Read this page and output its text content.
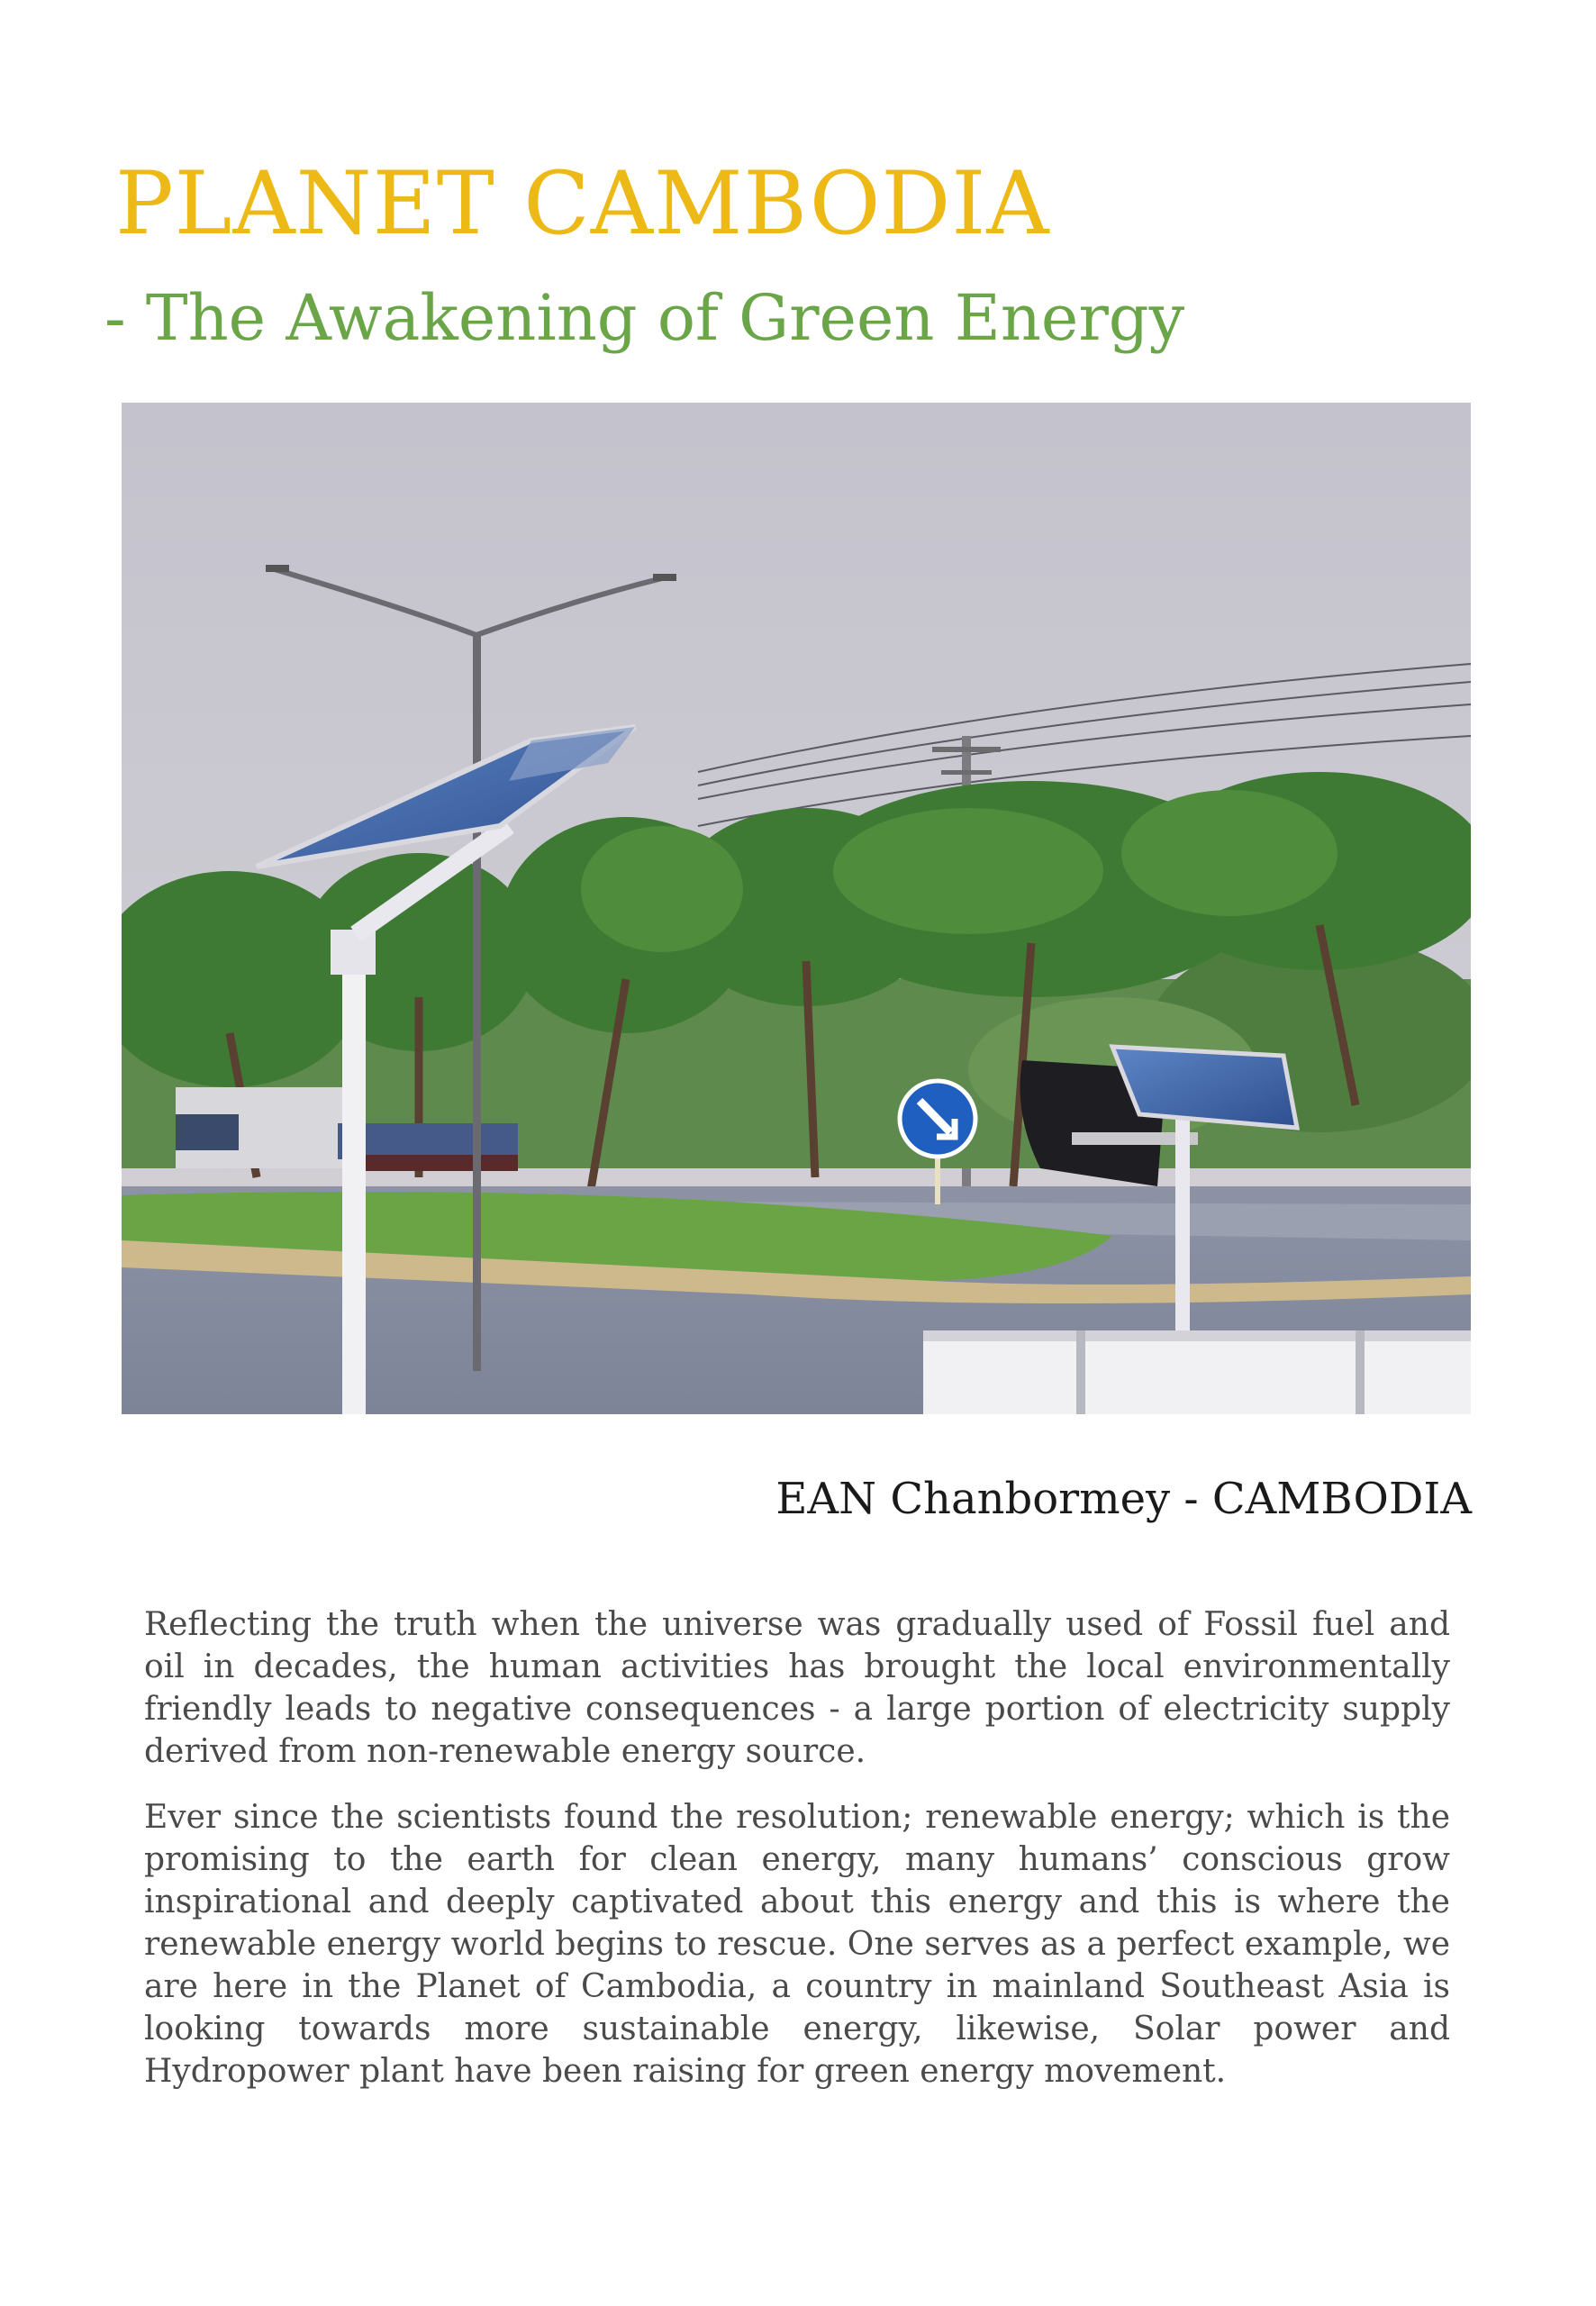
PLANET CAMBODIA
- The Awakening of Green Energy
EAN Chanbormey - CAMBODIA

Reflecting the truth when the universe was gradually used of Fossil fuel and oil in decades, the human activities has brought the local environmentally friendly leads to negative consequences - a large portion of electricity supply derived from non-renewable energy source.

Ever since the scientists found the resolution; renewable energy; which is the promising to the earth for clean energy, many humans’ conscious grow inspirational and deeply captivated about this energy and this is where the renewable energy world begins to rescue. One serves as a perfect example, we are here in the Planet of Cambodia, a country in mainland Southeast Asia is looking towards more sustainable energy, likewise, Solar power and Hydropower plant have been raising for green energy movement.
